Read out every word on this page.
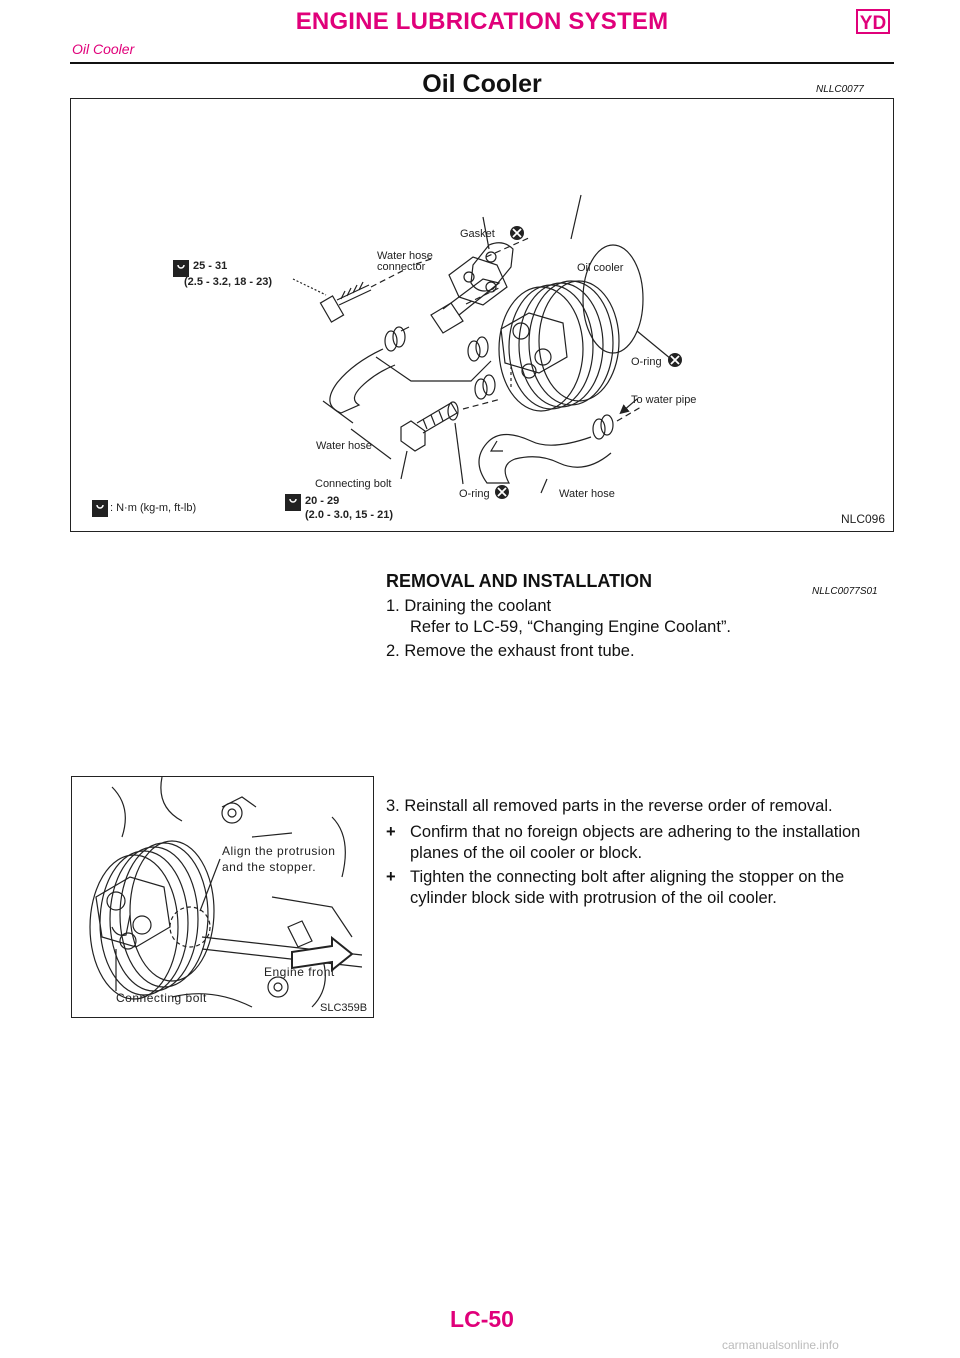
ENGINE LUBRICATION SYSTEM	YD
Oil Cooler
Oil Cooler	NLLC0077
Gasket
Water hose
connector	Oil cooler
25 - 31
(2.5 - 3.2, 18 - 23)
O-ring
To water pipe
Water hose
Connecting bolt
20 - 29
(2.0 - 3.0, 15 - 21)
O-ring	Water hose
: N·m (kg-m, ft-lb)
NLC096
REMOVAL AND INSTALLATION
NLLC0077S01
1. Draining the coolant
Refer to LC-59, “Changing Engine Coolant”.
2. Remove the exhaust front tube.
3. Reinstall all removed parts in the reverse order of removal.
+ Confirm that no foreign objects are adhering to the installation
planes of the oil cooler or block.
+ Tighten the connecting bolt after aligning the stopper on the
cylinder block side with protrusion of the oil cooler.
Align the protrusion
and the stopper.
Engine front
Connecting bolt
SLC359B
LC-50
carmanualsonline.info
